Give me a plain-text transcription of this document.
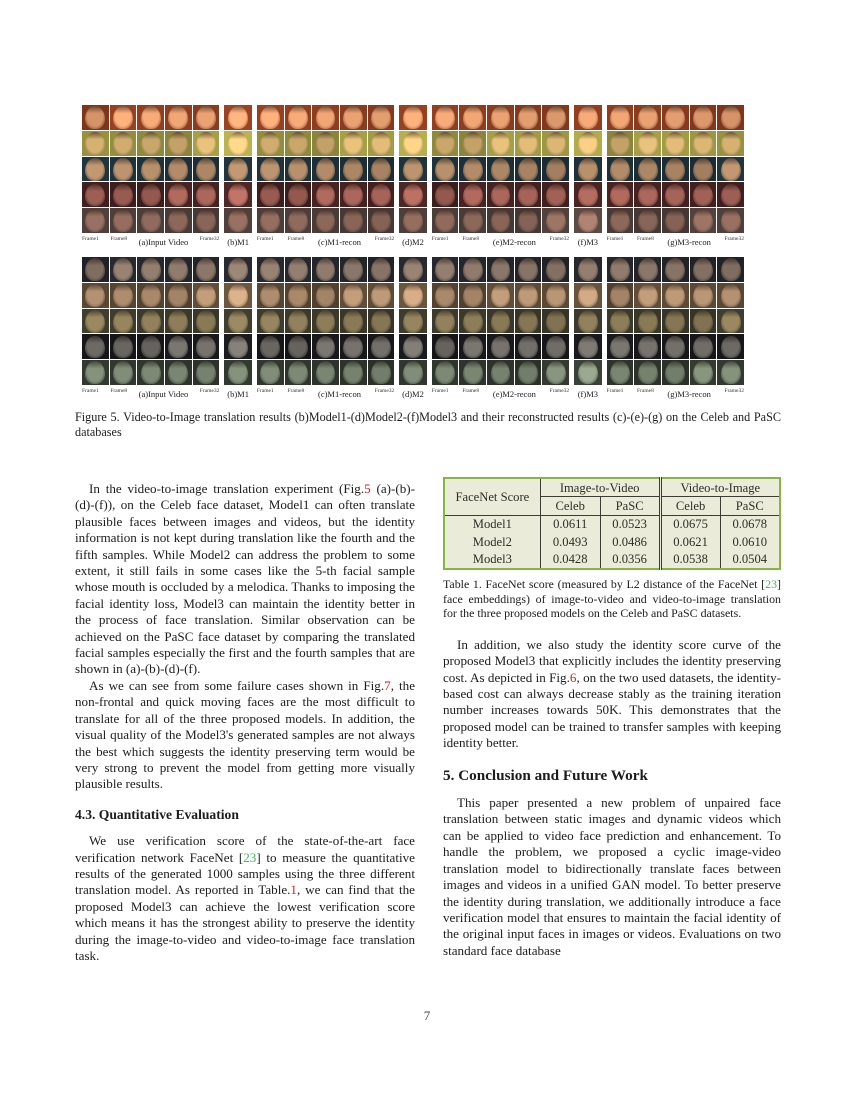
Frame1 Frame8 (a)Input Video Frame32 (b)M1 Frame1	Frame8 (c)M1-recon	Frame32 (d)M2 Frame1	Frame8 (e)M2-recon	Frame32 (f)M3 Frame1 Frame8 (g)M3-recon Frame32
Frame1 Frame8 (a)Input Video Frame32 (b)M1 Frame1	Frame8 (c)M1-recon	Frame32 (d)M2 Frame1	Frame8 (e)M2-recon	Frame32 (f)M3 Frame1 Frame8 (g)M3-recon Frame32
Figure 5. Video-to-Image translation results (b)Model1-(d)Model2-(f)Model3 and their reconstructed results (c)-(e)-(g) on the Celeb and PaSC databases

In the video-to-image translation experiment (Fig.5 (a)-(b)-(d)-(f)), on the Celeb face dataset, Model1 can often translate plausible faces between images and videos, but the identity information is not kept during translation like the fourth and the fifth samples. While Model2 can address the problem to some extent, it still fails in some cases like the 5-th facial sample whose mouth is occluded by a melodica. Thanks to imposing the facial identity loss, Model3 can maintain the identity better in the process of face translation. Similar observation can be achieved on the PaSC face dataset by comparing the translated facial samples especially the first and the fourth samples that are shown in (a)-(b)-(d)-(f).

As we can see from some failure cases shown in Fig.7, the non-frontal and quick moving faces are the most difficult to translate for all of the three proposed models. In addition, the visual quality of the Model3's generated samples are not always the best which suggests the identity preserving term would be very strong to prevent the model from getting more visually plausible results.

4.3. Quantitative Evaluation

We use verification score of the state-of-the-art face verification network FaceNet [23] to measure the quantitative results of the generated 1000 samples using the three different translation model. As reported in Table.1, we can find that the proposed Model3 can achieve the lowest verification score which means it has the strongest ability to preserve the identity during the image-to-video and video-to-image face translation task.

FaceNet Score	Image-to-Video		Video-to-Image	
	Celeb	PaSC	Celeb	PaSC
Model1	0.0611	0.0523	0.0675	0.0678
Model2	0.0493	0.0486	0.0621	0.0610
Model3	0.0428	0.0356	0.0538	0.0504
Table 1. FaceNet score (measured by L2 distance of the FaceNet [23] face embeddings) of image-to-video and video-to-image translation for the three proposed models on the Celeb and PaSC datasets.

In addition, we also study the identity score curve of the proposed Model3 that explicitly includes the identity preserving cost. As depicted in Fig.6, on the two used datasets, the identity-based cost can always decrease stably as the training iteration number increases towards 50K. This demonstrates that the proposed model can be trained to transfer samples with keeping identity better.

5. Conclusion and Future Work

This paper presented a new problem of unpaired face translation between static images and dynamic videos which can be applied to video face prediction and enhancement. To handle the problem, we proposed a cyclic image-video translation model to bidirectionally translate faces between images and videos in a unified GAN model. To better preserve the identity during translation, we additionally introduce a face verification model that ensures to maintain the facial identity of the original input faces in images or videos. Evaluations on two standard face database

7
